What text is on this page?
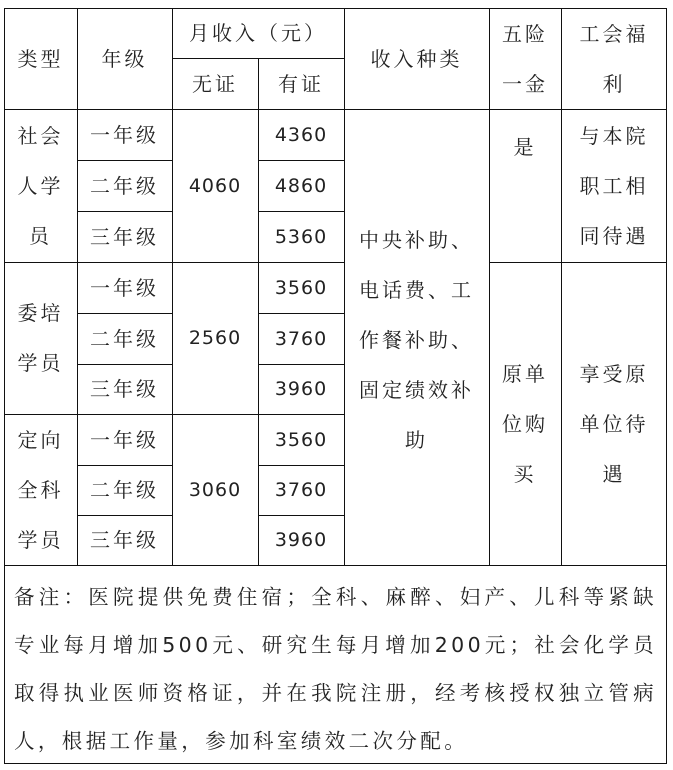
类型 年级
月收入（元）
无证 有证
收入种类
五险
一金
工会福
利
社会
人学
员
一年级
二年级
三年级
4060
4360
4860
5360
委培
学员
一年级
二年级
三年级
2560
3560
3760
3960
定向
全科
学员
一年级
二年级
三年级
3060
3560
3760
3960
中央补助、
电话费、工
作餐补助、
固定绩效补
助
是
原单
位购
买
与本院
职工相
同待遇
享受原
单位待
遇
备注：医院提供免费住宿；全科、麻醉、妇产、儿科等紧缺专业每月增加500元、研究生每月增加200元；社会化学员取得执业医师资格证，并在我院注册，经考核授权独立管病人，根据工作量，参加科室绩效二次分配。
